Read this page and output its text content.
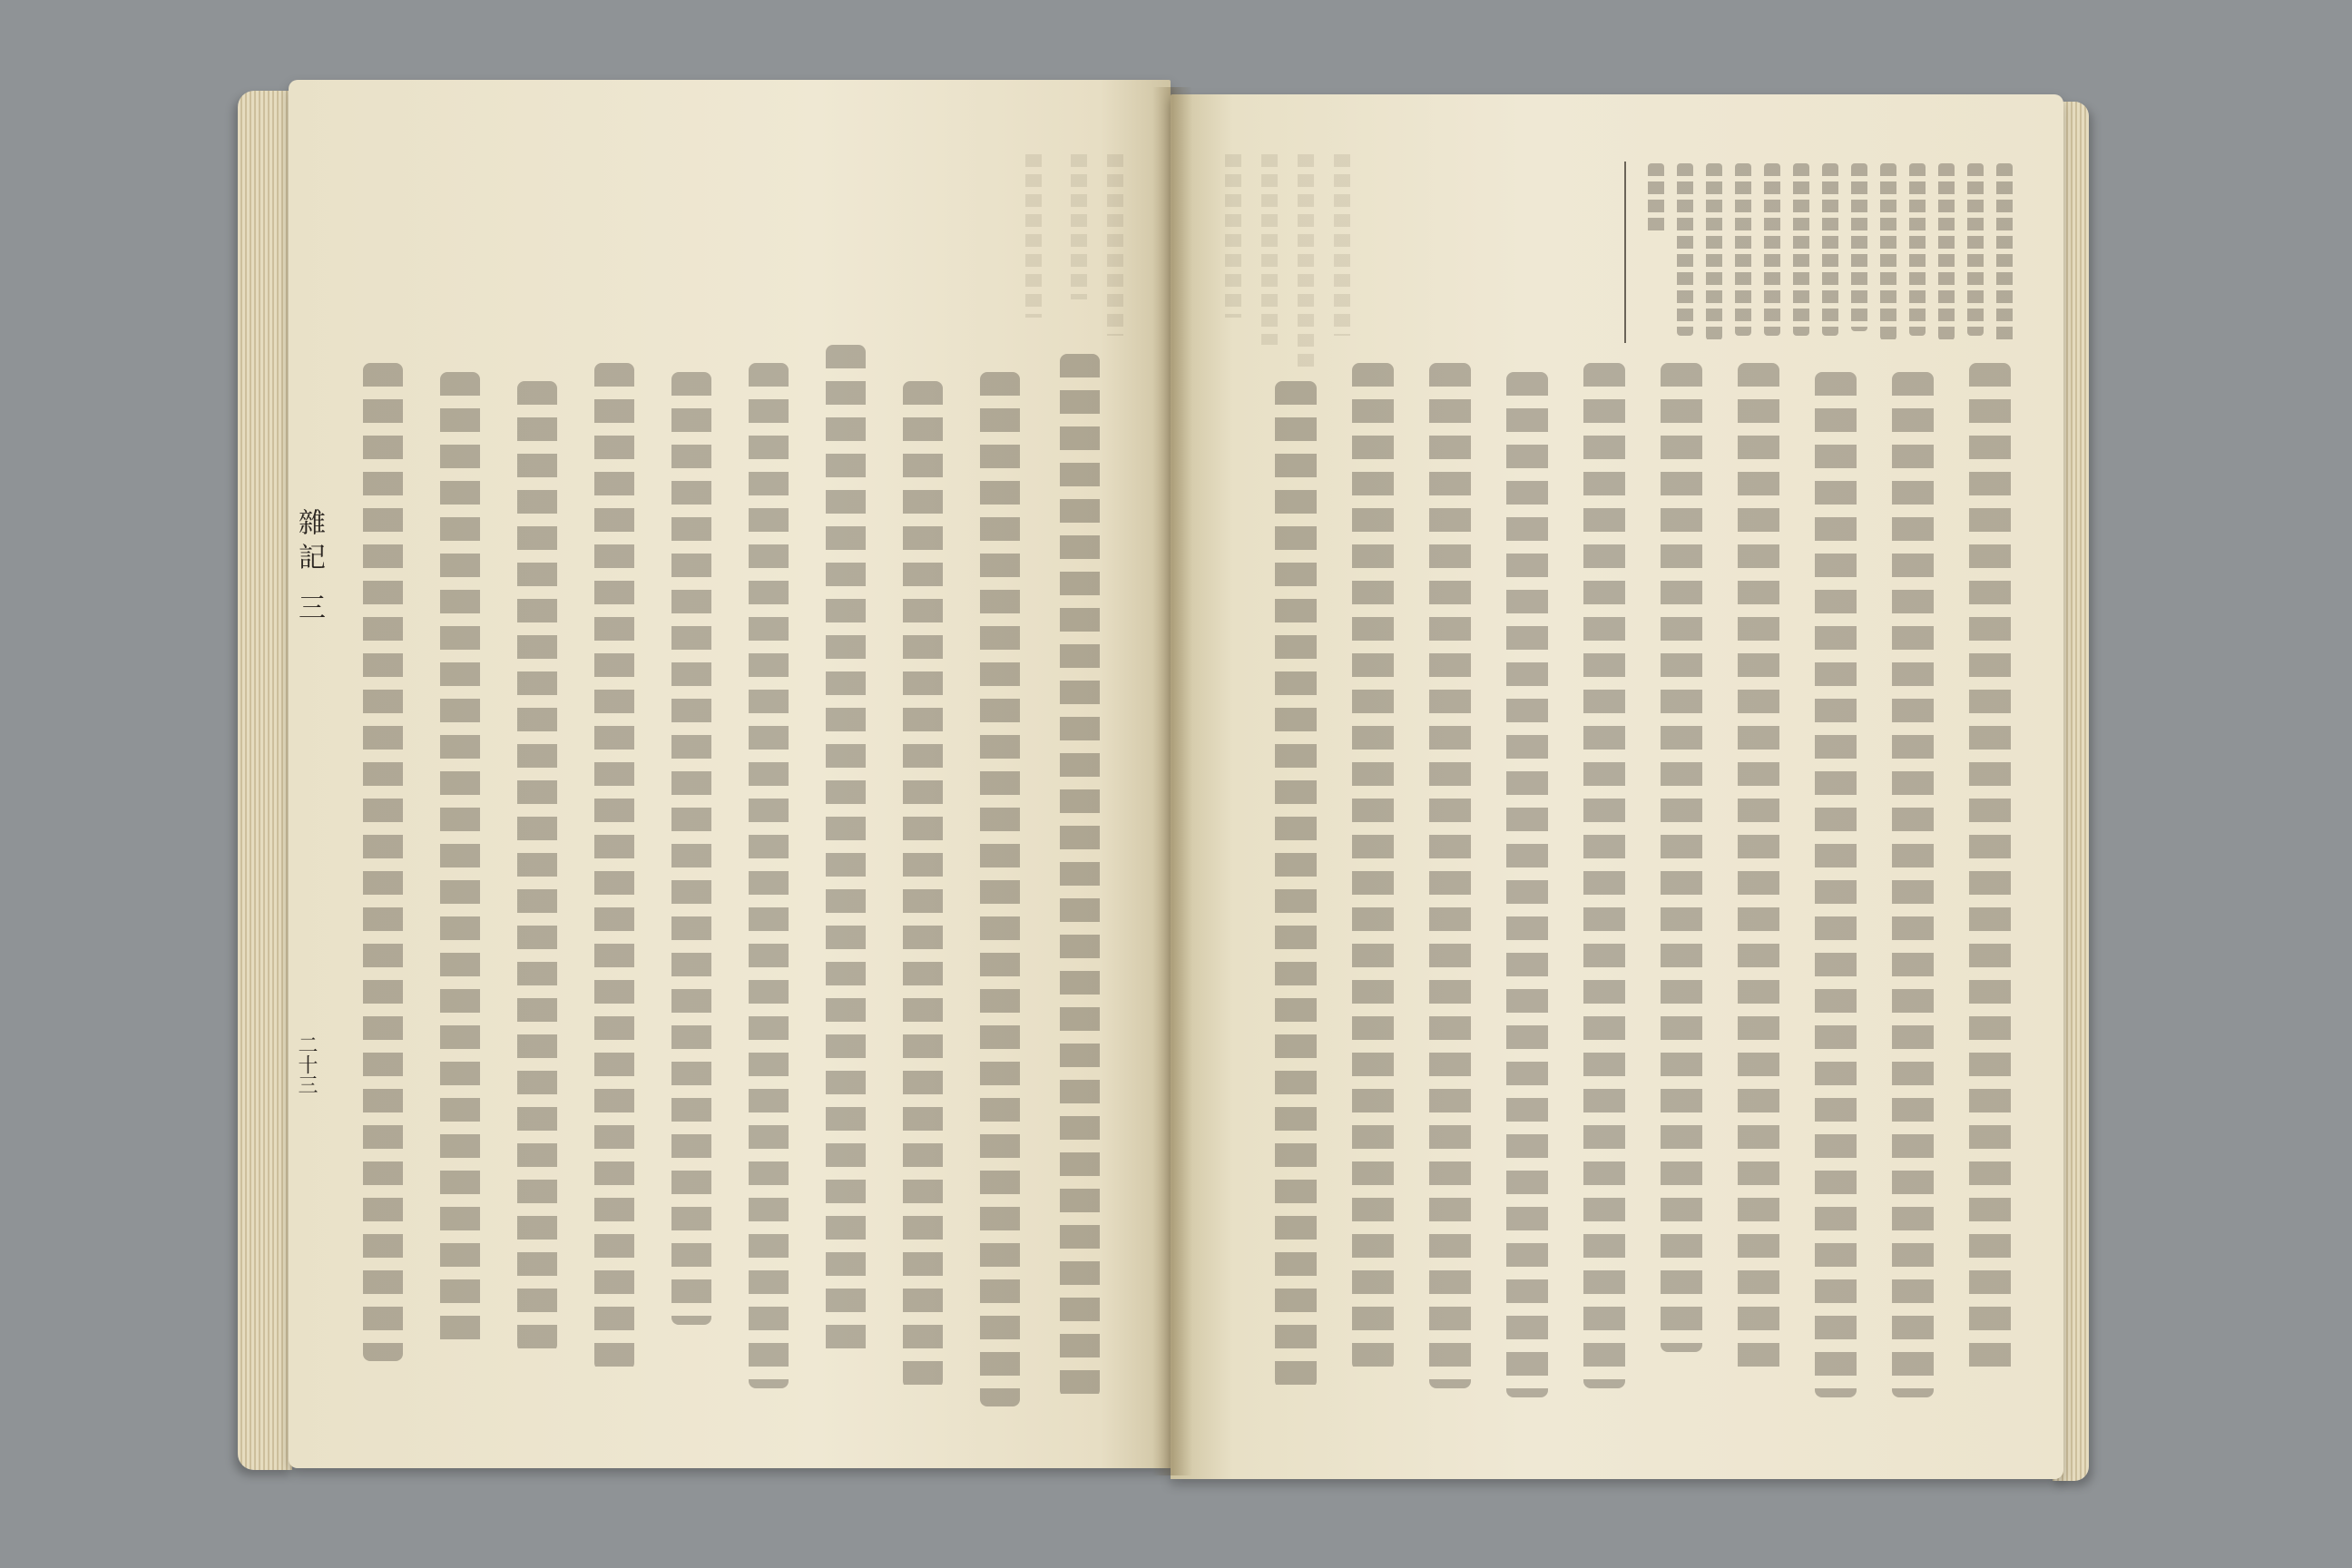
雜記 三
二十三
